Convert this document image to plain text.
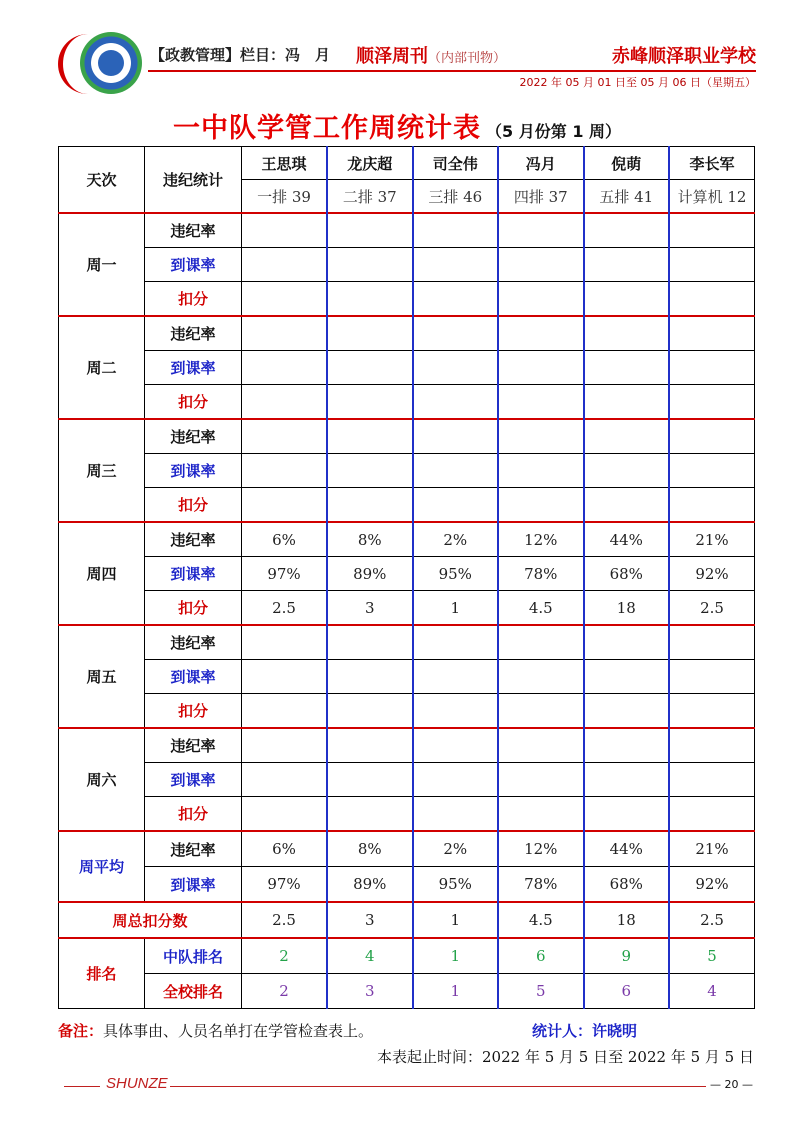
【政教管理】栏目：冯　月 顺泽周刊（内部刊物）	赤峰顺泽职业学校
2022 年 05 月 01 日至 05 月 06 日（星期五）
一中队学管工作周统计表 （5 月份第 1 周）
天次	违纪统计	王思琪	龙庆超	司全伟	冯月	倪萌	李长军
		一排 39	二排 37	三排 46	四排 37	五排 41	计算机 12
周一	违纪率						
	到课率						
	扣分						
周二	违纪率						
	到课率						
	扣分						
周三	违纪率						
	到课率						
	扣分						
周四	违纪率	6%	8%	2%	12%	44%	21%
	到课率	97%	89%	95%	78%	68%	92%
	扣分	2.5	3	1	4.5	18	2.5
周五	违纪率						
	到课率						
	扣分						
周六	违纪率						
	到课率						
	扣分						
周平均	违纪率	6%	8%	2%	12%	44%	21%
	到课率	97%	89%	95%	78%	68%	92%
周总扣分数		2.5	3	1	4.5	18	2.5
排名	中队排名	2	4	1	6	9	5
	全校排名	2	3	1	5	6	4
备注：具体事由、人员名单打在学管检查表上。	统计人：许晓明
本表起止时间：2022 年 5 月 5 日至 2022 年 5 月 5 日
SHUNZE	— 20 —
